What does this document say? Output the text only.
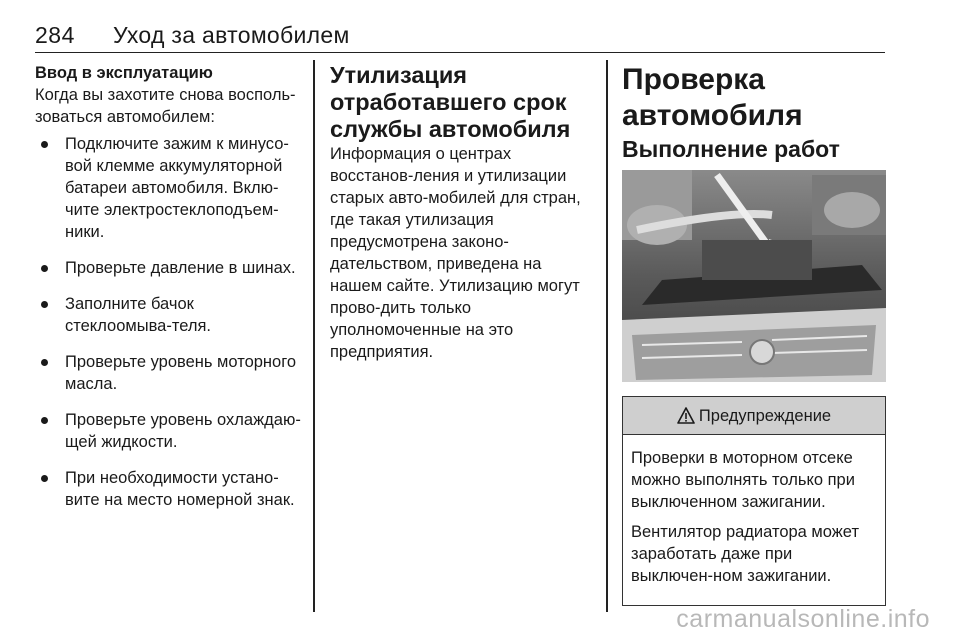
284 Уход за автомобилем

Ввод в эксплуатацию

Когда вы захотите снова восполь-зоваться автомобилем:

Подключите зажим к минусо-вой клемме аккумуляторной батареи автомобиля. Вклю-чите электростеклоподъем-ники.
Проверьте давление в шинах.
Заполните бачок стеклоомыва-теля.
Проверьте уровень моторного масла.
Проверьте уровень охлаждаю-щей жидкости.
При необходимости устано-вите на место номерной знак.

Утилизация отработавшего срок службы автомобиля

Информация о центрах восстанов-ления и утилизации старых авто-мобилей для стран, где такая утилизация предусмотрена законо-дательством, приведена на нашем сайте. Утилизацию могут прово-дить только уполномоченные на это предприятия.

Проверка автомобиля

Выполнение работ

Предупреждение

Проверки в моторном отсеке можно выполнять только при выключенном зажигании.

Вентилятор радиатора может заработать даже при выключен-ном зажигании.

carmanualsonline.info
